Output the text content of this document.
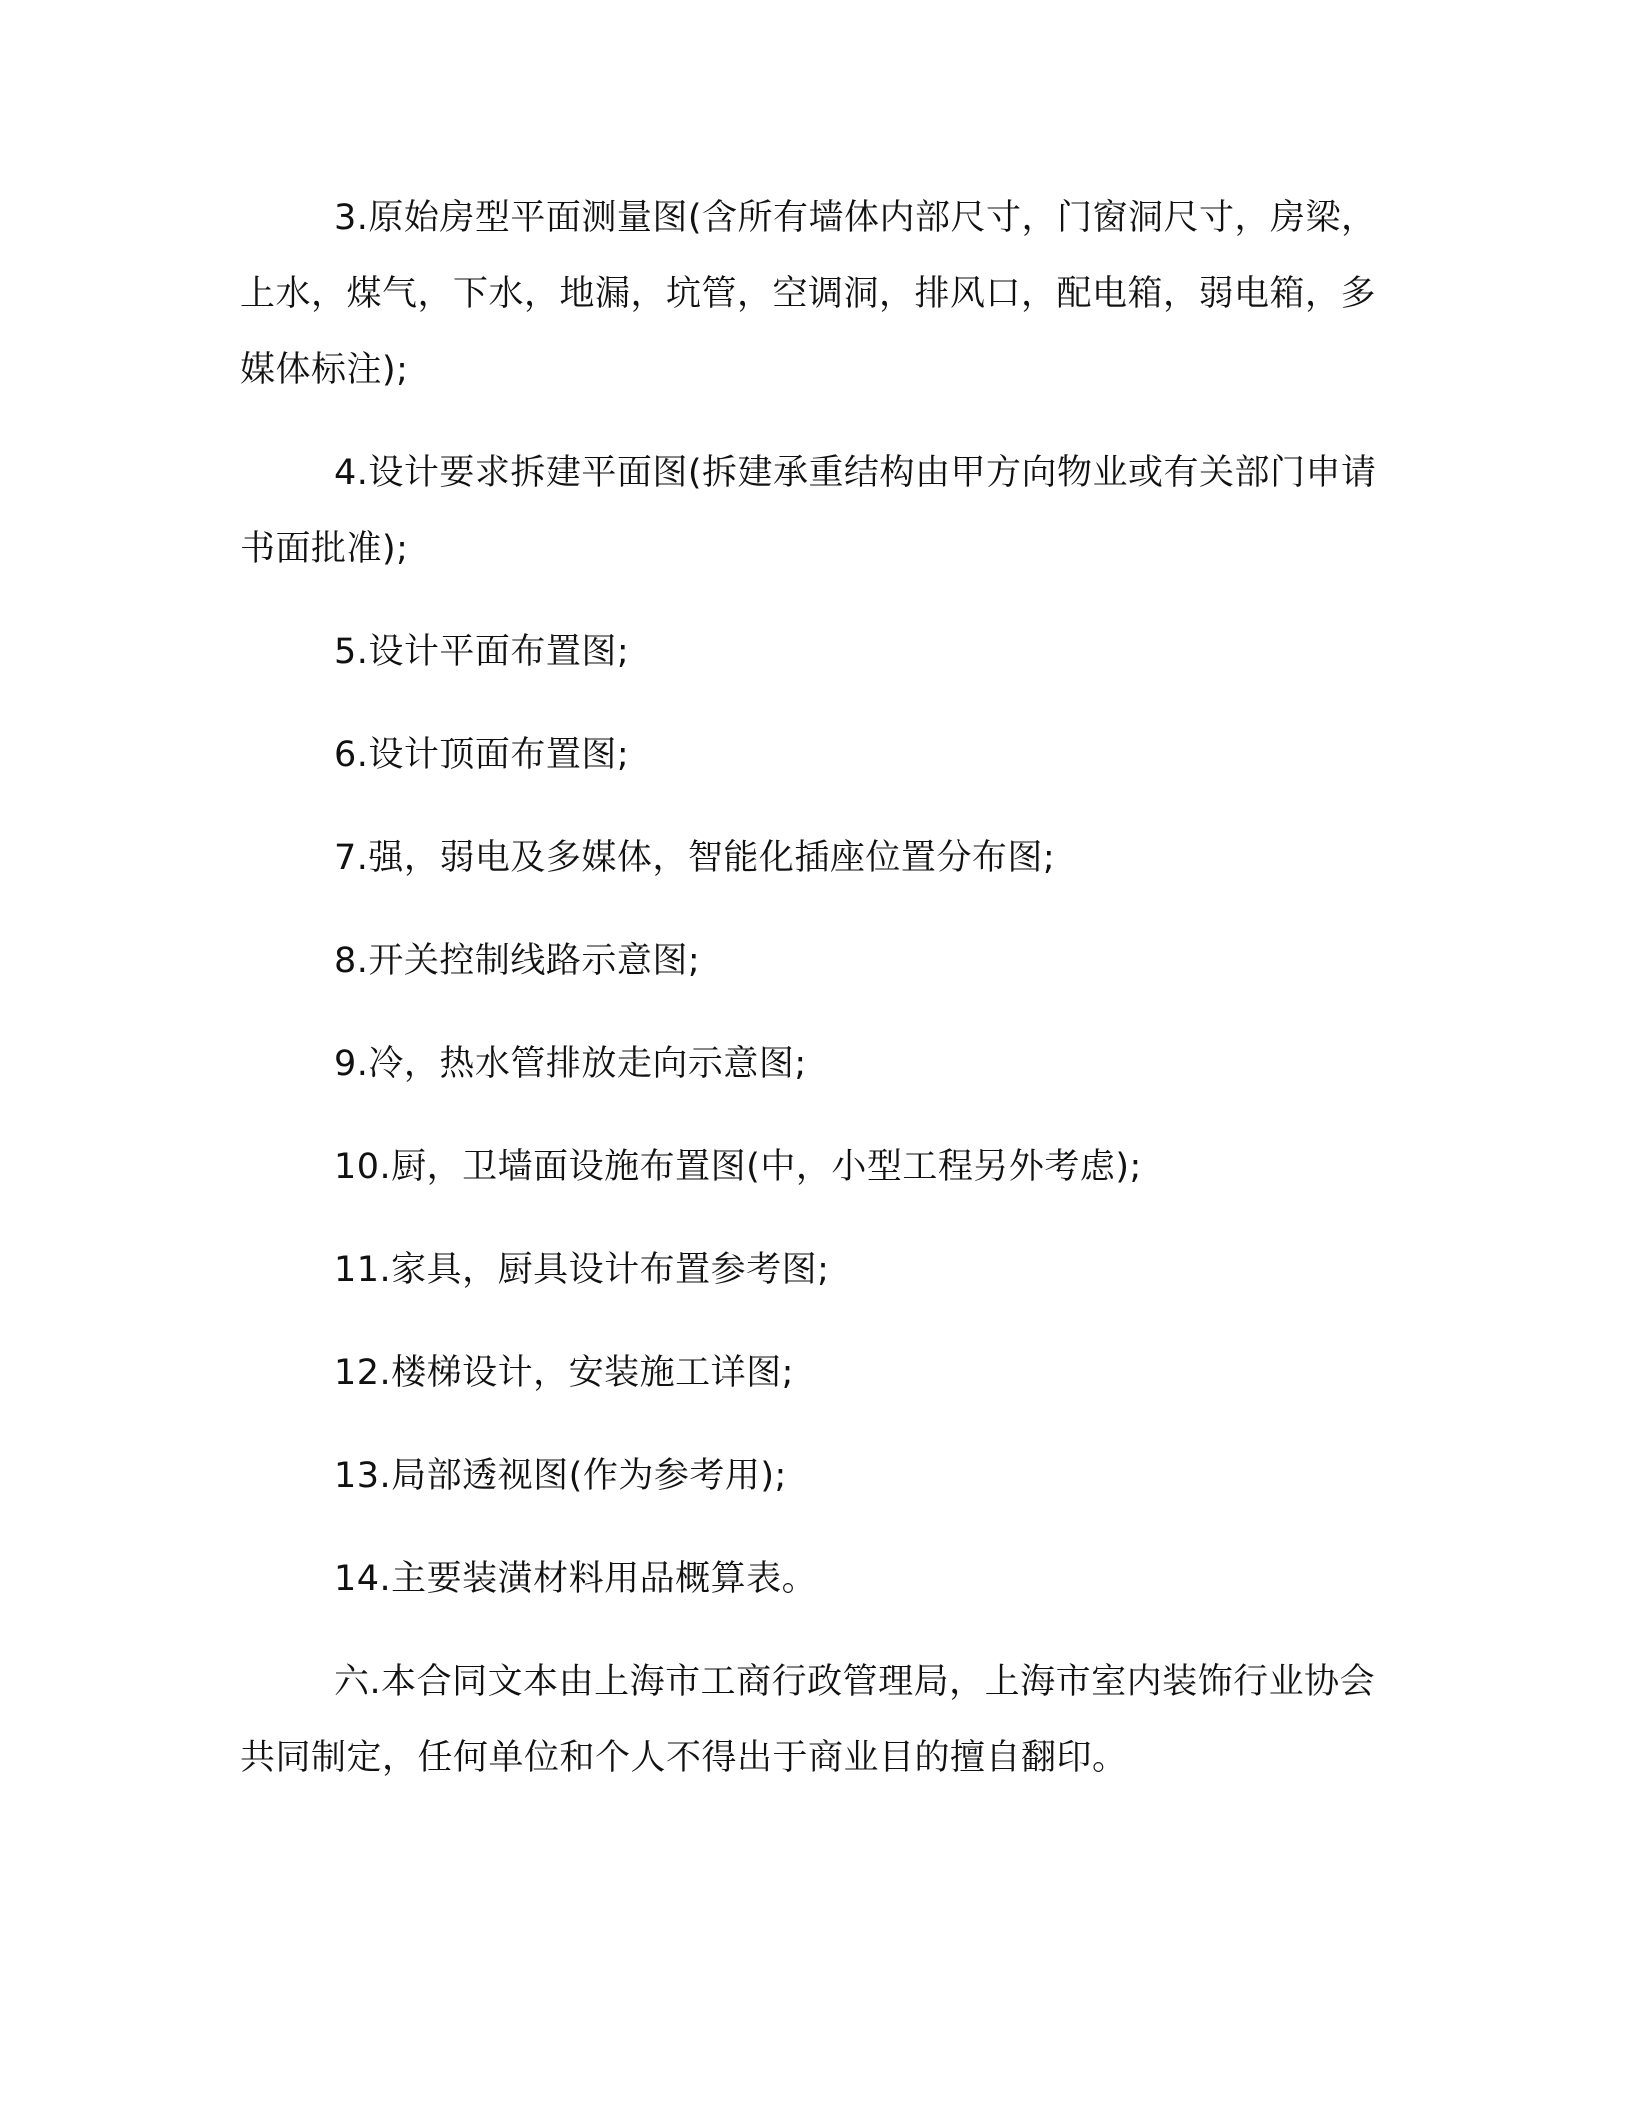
3.原始房型平面测量图(含所有墙体内部尺寸，门窗洞尺寸，房梁，上水，煤气，下水，地漏，坑管，空调洞，排风口，配电箱，弱电箱，多媒体标注);

4.设计要求拆建平面图(拆建承重结构由甲方向物业或有关部门申请书面批准);

5.设计平面布置图;

6.设计顶面布置图;

7.强，弱电及多媒体，智能化插座位置分布图;

8.开关控制线路示意图;

9.冷，热水管排放走向示意图;

10.厨，卫墙面设施布置图(中，小型工程另外考虑);

11.家具，厨具设计布置参考图;

12.楼梯设计，安装施工详图;

13.局部透视图(作为参考用);

14.主要装潢材料用品概算表。

六.本合同文本由上海市工商行政管理局，上海市室内装饰行业协会共同制定，任何单位和个人不得出于商业目的擅自翻印。
